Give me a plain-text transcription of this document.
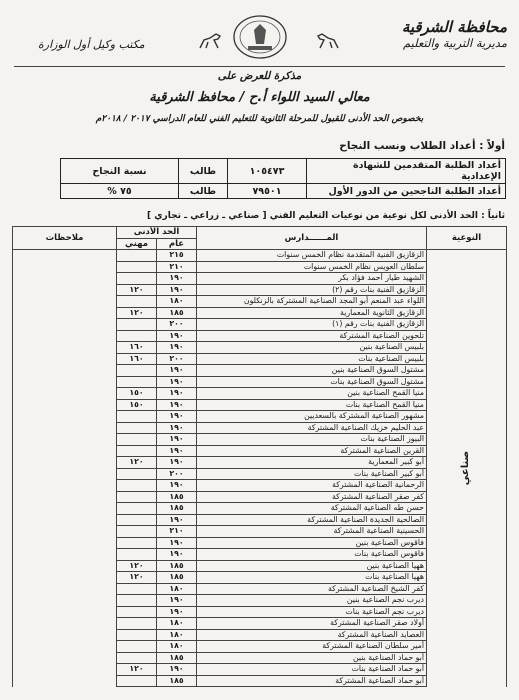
مكتب وكيل أول الوزارة
محافظة الشرقية
مديرية التربية والتعليم
مذكرة للعرض على
معالي السيد اللواء أ.ح / محافظ الشرقية
بخصوص الحد الأدنى للقبول للمرحلة الثانوية للتعليم الفني للعام الدراسي ٢٠١٧ / ٢٠١٨م
أولاً : أعداد الطلاب ونسب النجاح
أعداد الطلبة المتقدمين للشهادة الإعدادية	١٠٥٤٧٣	طالب	نسبة النجاح
أعداد الطلبة الناجحين من الدور الأول	٧٩٥٠١	طالب	٧٥ %
ثانياً : الحد الأدنى لكل نوعية من نوعيات التعليم الفني [ صناعي ـ زراعي ـ تجاري ]
النوعية	المــــــدارس	الحد الأدنى		ملاحظات
		عام	مهني	
صناعي	الزقازيق الفنية المتقدمة نظام الخمس سنوات	٢١٥		
	سلطان العويس نظام الخمس سنوات	٢١٠		
	الشهيد طيار أحمد فؤاد بكر	١٩٠		
	الزقازيق الفنية بنات رقم (٢)	١٩٠	١٢٠	
	اللواء عبد المنعم أبو المجد الصناعية المشتركة بالزنكلون	١٨٠		
	الزقازيق الثانوية المعمارية	١٨٥	١٢٠	
	الزقازيق الفنية بنات رقم (١)	٢٠٠		
	تلحوين الصناعية المشتركة	١٩٠		
	بلبيس الصناعية بنين	١٩٠	١٦٠	
	بلبيس الصناعية بنات	٢٠٠	١٦٠	
	مشتول السوق الصناعية بنين	١٩٠		
	مشتول السوق الصناعية بنات	١٩٠		
	منيا القمح الصناعية بنين	١٩٠	١٥٠	
	منيا القمح الصناعية بنات	١٩٠	١٥٠	
	مشهور الصناعية المشتركة بالسعديين	١٩٠		
	عبد الحليم خزيك الصناعية المشتركة	١٩٠		
	البيوز الصناعية بنات	١٩٠		
	القرين الصناعية المشتركة	١٩٠		
	أبو كبير المعمارية	١٩٠	١٢٠	
	أبو كبير الصناعية بنات	٢٠٠		
	الرحمانية الصناعية المشتركة	١٩٠		
	كفر صقر الصناعية المشتركة	١٨٥		
	حسن طه الصناعية المشتركة	١٨٥		
	الصالحية الجديدة الصناعية المشتركة	١٩٠		
	الحسينية الصناعية المشتركة	٢١٠		
	فاقوس الصناعية بنين	١٩٠		
	فاقوس الصناعية بنات	١٩٠		
	ههيا الصناعية بنين	١٨٥	١٢٠	
	ههيا الصناعية بنات	١٨٥	١٢٠	
	كفر الشيخ الصناعية المشتركة	١٨٠		
	ديرب نجم الصناعية بنين	١٩٠		
	ديرب نجم الصناعية بنات	١٩٠		
	أولاد صقر الصناعية المشتركة	١٨٠		
	العصايد الصناعية المشتركة	١٨٠		
	أمير سلطان الصناعية المشتركة	١٨٠		
	أبو حماد الصناعية بنين	١٨٥		
	أبو حماد الصناعية بنات	١٩٠	١٢٠	
	أبو حماد الصناعية المشتركة	١٨٥		
